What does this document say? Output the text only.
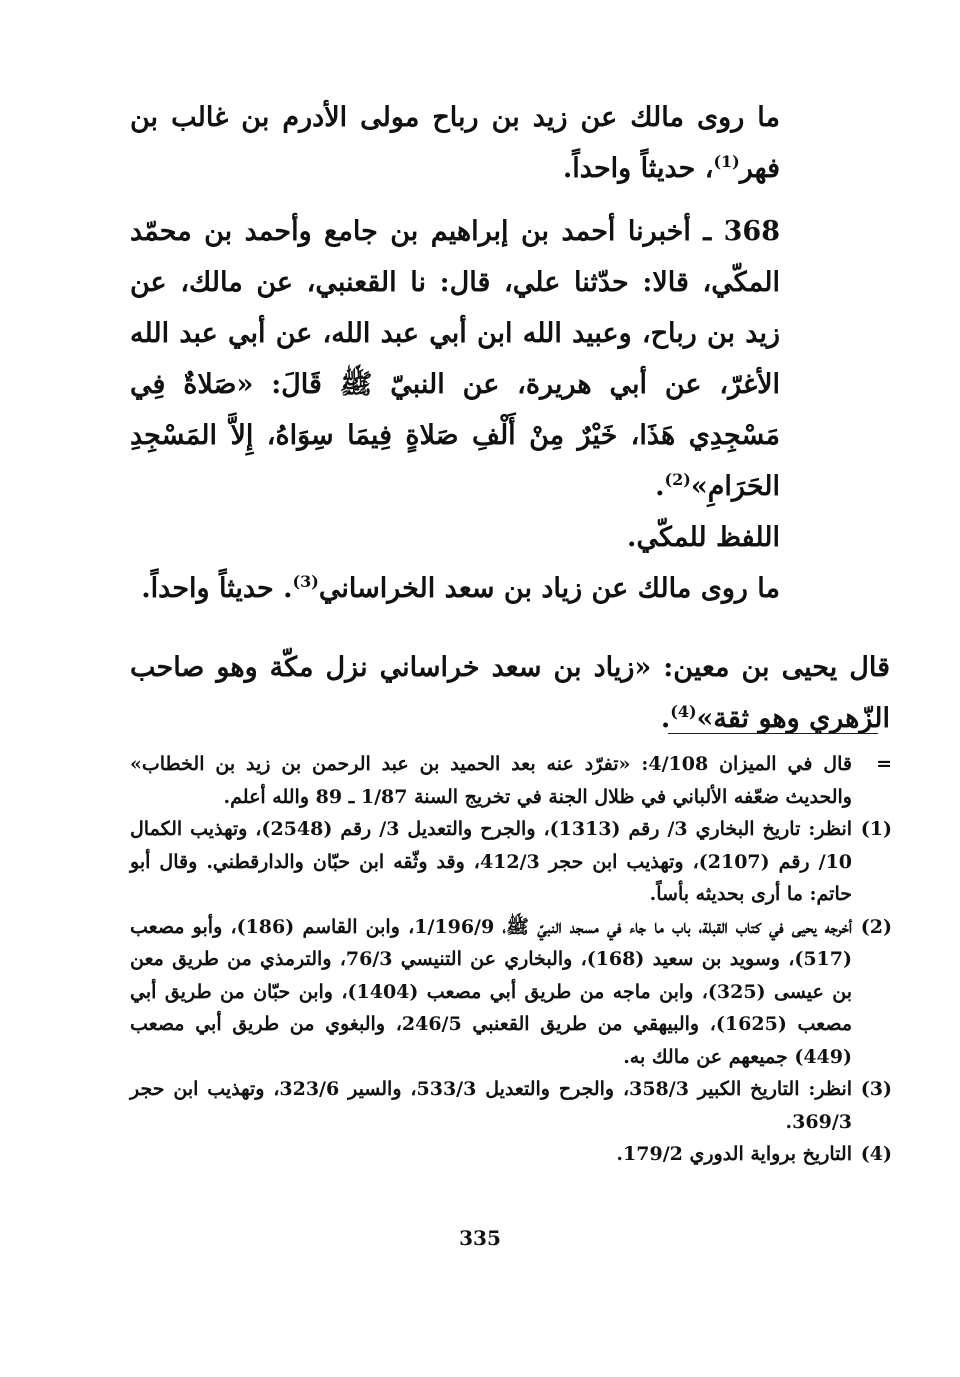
ما روى مالك عن زيد بن رباح مولى الأدرم بن غالب بن فهر$^{(1)}$، حديثاً واحداً.

368 ـ أخبرنا أحمد بن إبراهيم بن جامع وأحمد بن محمّد المكّي، قالا: حدّثنا علي، قال: نا القعنبي، عن مالك، عن زيد بن رباح، وعبيد الله ابن أبي عبد الله، عن أبي عبد الله الأغرّ، عن أبي هريرة، عن النبيّ ﷺ قَالَ: «صَلاةٌ فِي مَسْجِدِي هَذَا، خَيْرٌ مِنْ أَلْفِ صَلاةٍ فِيمَا سِوَاهُ، إِلاَّ المَسْجِدِ الحَرَامِ»$^{(2)}$.

اللفظ للمكّي.

ما روى مالك عن زياد بن سعد الخراساني$^{(3)}$. حديثاً واحداً.

قال يحيى بن معين: «زياد بن سعد خراساني نزل مكّة وهو صاحب الزّهري وهو ثقة»$^{(4)}$.

=
قال في الميزان 4/108: «تفرّد عنه بعد الحميد بن عبد الرحمن بن زيد بن الخطاب» والحديث ضعّفه الألباني في ظلال الجنة في تخريج السنة 1/87 ـ 89 والله أعلم.
(1)
انظر: تاريخ البخاري 3/ رقم (1313)، والجرح والتعديل 3/ رقم (2548)، وتهذيب الكمال 10/ رقم (2107)، وتهذيب ابن حجر 412/3، وقد وثّقه ابن حبّان والدارقطني. وقال أبو حاتم: ما أرى بحديثه بأساً.
(2)
أخرجه يحيى في كتاب القبلة، باب ما جاء في مسجد النبيّ ﷺ، 1/196/9، وابن القاسم (186)، وأبو مصعب (517)، وسويد بن سعيد (168)، والبخاري عن التنيسي 76/3، والترمذي من طريق معن بن عيسى (325)، وابن ماجه من طريق أبي مصعب (1404)، وابن حبّان من طريق أبي مصعب (1625)، والبيهقي من طريق القعنبي 246/5، والبغوي من طريق أبي مصعب (449) جميعهم عن مالك به.
(3)
انظر: التاريخ الكبير 358/3، والجرح والتعديل 533/3، والسير 323/6، وتهذيب ابن حجر 369/3.
(4)
التاريخ برواية الدوري 179/2.
335
